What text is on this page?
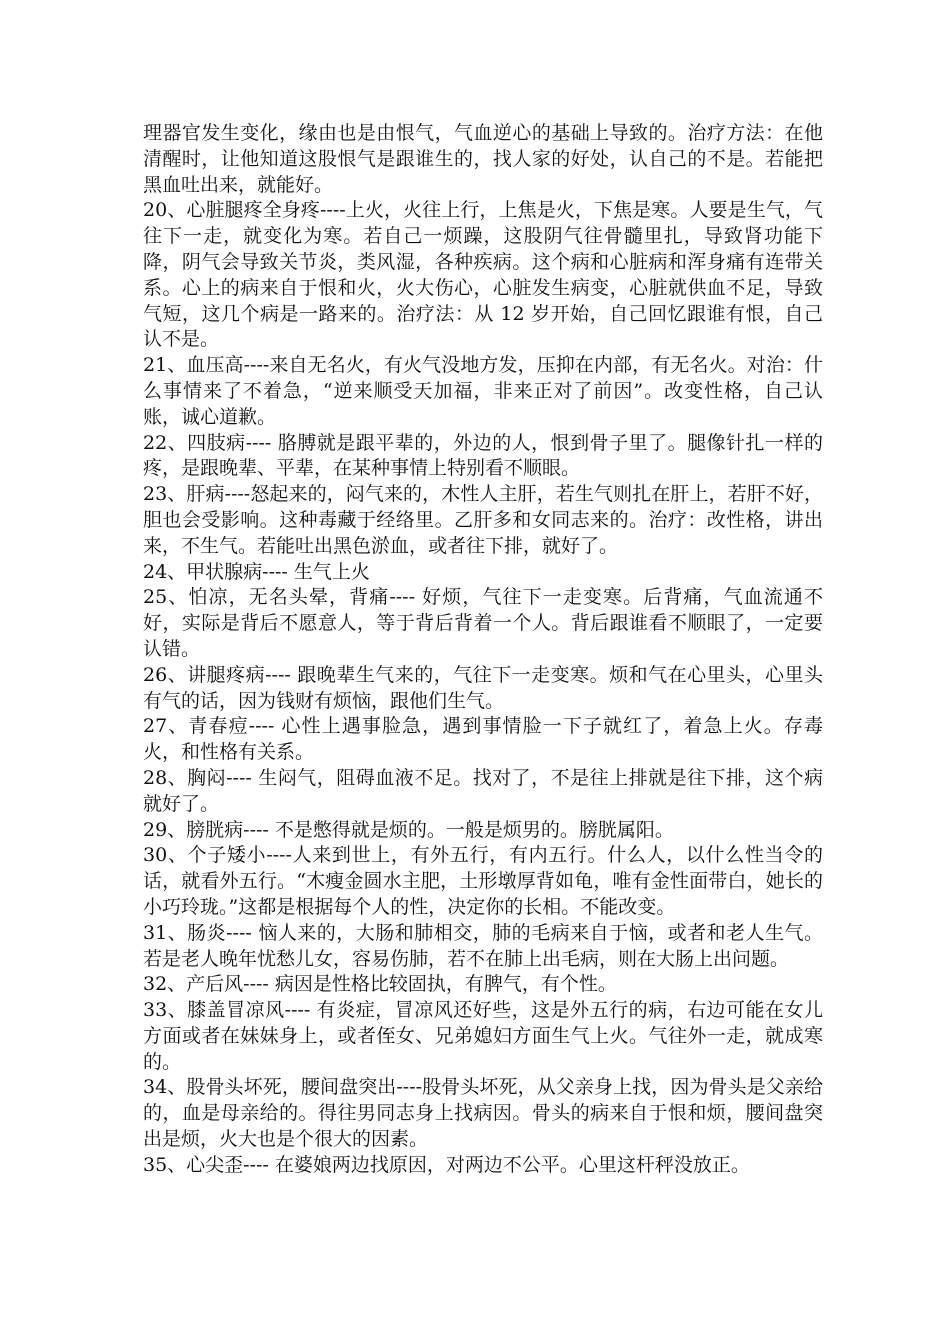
理器官发生变化，缘由也是由恨气，气血逆心的基础上导致的。治疗方法：在他清醒时，让他知道这股恨气是跟谁生的，找人家的好处，认自己的不是。若能把黑血吐出来，就能好。

20、心脏腿疼全身疼----上火，火往上行，上焦是火，下焦是寒。人要是生气，气往下一走，就变化为寒。若自己一烦躁，这股阴气往骨髓里扎，导致肾功能下降，阴气会导致关节炎，类风湿，各种疾病。这个病和心脏病和浑身痛有连带关系。心上的病来自于恨和火，火大伤心，心脏发生病变，心脏就供血不足，导致气短，这几个病是一路来的。治疗法：从 12 岁开始，自己回忆跟谁有恨，自己认不是。

21、血压高----来自无名火，有火气没地方发，压抑在内部，有无名火。对治：什么事情来了不着急，“逆来顺受天加福，非来正对了前因”。改变性格，自己认账，诚心道歉。

22、四肢病---- 胳膊就是跟平辈的，外边的人，恨到骨子里了。腿像针扎一样的疼，是跟晚辈、平辈，在某种事情上特别看不顺眼。

23、肝病----怒起来的，闷气来的，木性人主肝，若生气则扎在肝上，若肝不好，胆也会受影响。这种毒藏于经络里。乙肝多和女同志来的。治疗：改性格，讲出来，不生气。若能吐出黑色淤血，或者往下排，就好了。

24、甲状腺病---- 生气上火

25、怕凉，无名头晕，背痛---- 好烦，气往下一走变寒。后背痛，气血流通不好，实际是背后不愿意人，等于背后背着一个人。背后跟谁看不顺眼了，一定要认错。

26、讲腿疼病---- 跟晚辈生气来的，气往下一走变寒。烦和气在心里头，心里头有气的话，因为钱财有烦恼，跟他们生气。

27、青春痘---- 心性上遇事脸急，遇到事情脸一下子就红了，着急上火。存毒火，和性格有关系。

28、胸闷---- 生闷气，阻碍血液不足。找对了，不是往上排就是往下排，这个病就好了。

29、膀胱病---- 不是憋得就是烦的。一般是烦男的。膀胱属阳。

30、个子矮小----人来到世上，有外五行，有内五行。什么人，以什么性当令的话，就看外五行。“木瘦金圆水主肥，土形墩厚背如龟，唯有金性面带白，她长的小巧玲珑。”这都是根据每个人的性，决定你的长相。不能改变。

31、肠炎---- 恼人来的，大肠和肺相交，肺的毛病来自于恼，或者和老人生气。若是老人晚年忧愁儿女，容易伤肺，若不在肺上出毛病，则在大肠上出问题。

32、产后风---- 病因是性格比较固执，有脾气，有个性。

33、膝盖冒凉风---- 有炎症，冒凉风还好些，这是外五行的病，右边可能在女儿方面或者在妹妹身上，或者侄女、兄弟媳妇方面生气上火。气往外一走，就成寒的。

34、股骨头坏死，腰间盘突出----股骨头坏死，从父亲身上找，因为骨头是父亲给的，血是母亲给的。得往男同志身上找病因。骨头的病来自于恨和烦，腰间盘突出是烦，火大也是个很大的因素。

35、心尖歪---- 在婆娘两边找原因，对两边不公平。心里这杆秤没放正。
